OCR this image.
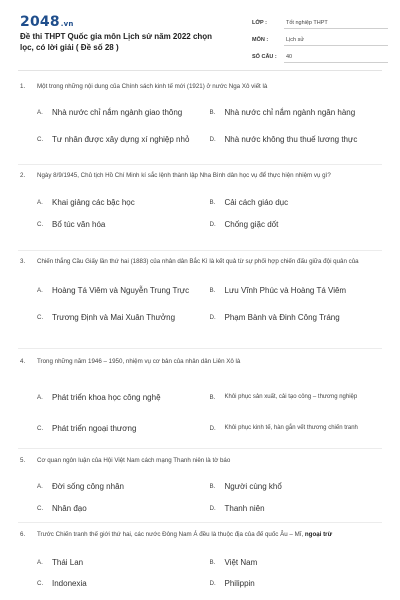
2048.vn
Đề thi THPT Quốc gia môn Lịch sử năm 2022 chọn lọc, có lời giải ( Đề số 28 )
LỚP :	Tốt nghiệp THPT
MÔN :	Lịch sử
SỐ CÂU :	40
1.	Một trong những nội dung của Chính sách kinh tế mới (1921) ở nước Nga Xô viết là
A.	Nhà nước chỉ nắm ngành giao thông	B.	Nhà nước chỉ nắm ngành ngân hàng
C.	Tư nhân được xây dựng xí nghiệp nhỏ	D.	Nhà nước không thu thuế lương thực
2.	Ngày 8/9/1945, Chủ tịch Hồ Chí Minh kí sắc lệnh thành lập Nha Bình dân học vụ để thực hiện nhiệm vụ gì?
A.	Khai giảng các bậc học	B.	Cải cách giáo dục
C.	Bổ túc văn hóa	D.	Chống giặc dốt
3.	Chiến thắng Cầu Giấy lần thứ hai (1883) của nhân dân Bắc Kì là kết quả từ sự phối hợp chiến đấu giữa đội quân của
A.	Hoàng Tá Viêm và Nguyễn Trung Trực	B.	Lưu Vĩnh Phúc và Hoàng Tá Viêm
C.	Trương Định và Mai Xuân Thưởng	D.	Phạm Bành và Đinh Công Tráng
4.	Trong những năm 1946 – 1950, nhiệm vụ cơ bản của nhân dân Liên Xô là
A.	Phát triển khoa học công nghệ	B.	Khôi phục sản xuất, cải tạo công – thương nghiệp
C.	Phát triển ngoại thương	D.	Khôi phục kinh tế, hàn gắn vết thương chiến tranh
5.	Cơ quan ngôn luận của Hội Việt Nam cách mạng Thanh niên là tờ báo
A.	Đời sống công nhân	B.	Người cùng khổ
C.	Nhân đạo	D.	Thanh niên
6.	Trước Chiến tranh thế giới thứ hai, các nước Đông Nam Á đều là thuộc địa của đế quốc Âu – Mĩ, ngoại trừ
A.	Thái Lan	B.	Việt Nam
C.	Indonexia	D.	Philippin
